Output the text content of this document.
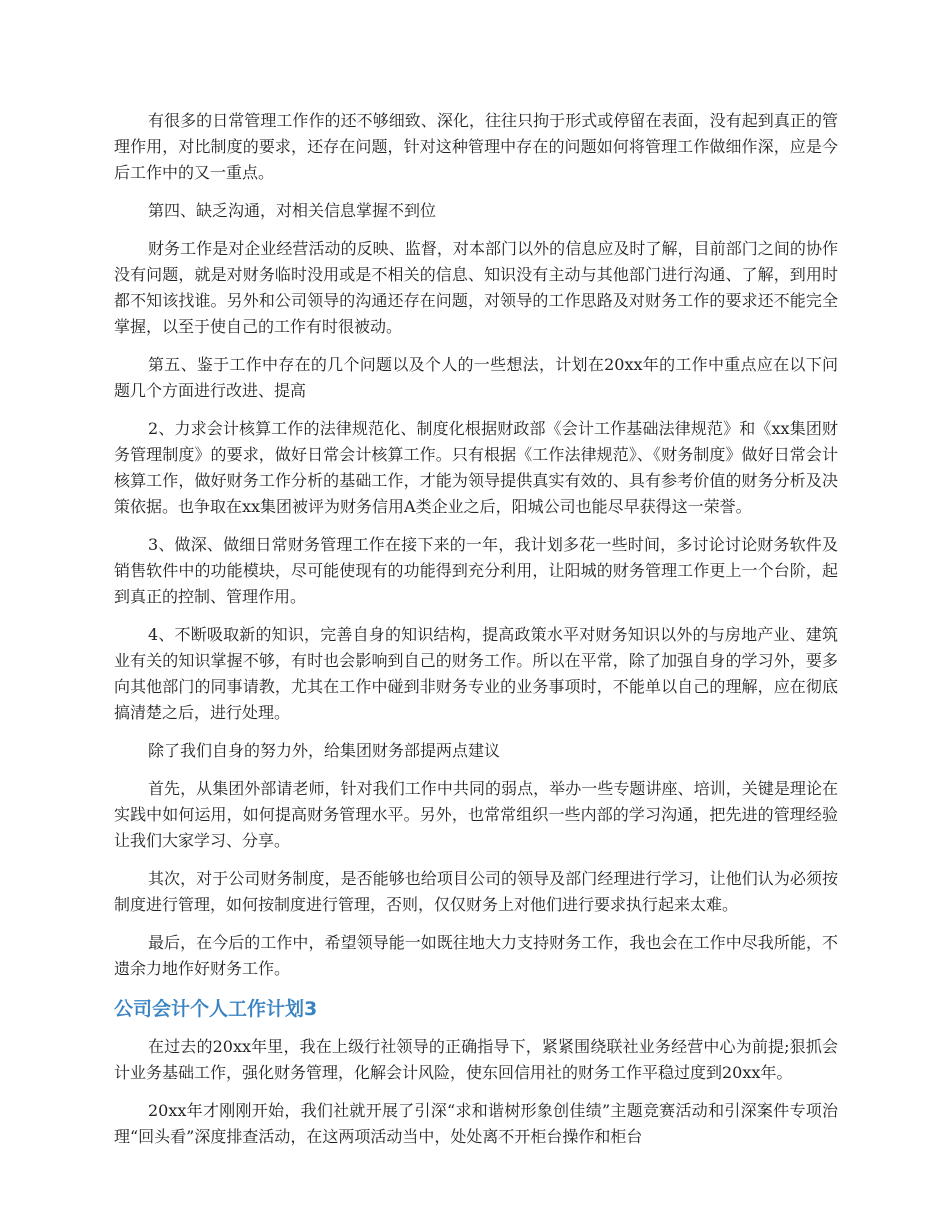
有很多的日常管理工作作的还不够细致、深化，往往只拘于形式或停留在表面，没有起到真正的管理作用，对比制度的要求，还存在问题，针对这种管理中存在的问题如何将管理工作做细作深，应是今后工作中的又一重点。

第四、缺乏沟通，对相关信息掌握不到位

财务工作是对企业经营活动的反映、监督，对本部门以外的信息应及时了解，目前部门之间的协作没有问题，就是对财务临时没用或是不相关的信息、知识没有主动与其他部门进行沟通、了解，到用时都不知该找谁。另外和公司领导的沟通还存在问题，对领导的工作思路及对财务工作的要求还不能完全掌握，以至于使自己的工作有时很被动。

第五、鉴于工作中存在的几个问题以及个人的一些想法，计划在20xx年的工作中重点应在以下问题几个方面进行改进、提高

2、力求会计核算工作的法律规范化、制度化根据财政部《会计工作基础法律规范》和《xx集团财务管理制度》的要求，做好日常会计核算工作。只有根据《工作法律规范》、《财务制度》做好日常会计核算工作，做好财务工作分析的基础工作，才能为领导提供真实有效的、具有参考价值的财务分析及决策依据。也争取在xx集团被评为财务信用A类企业之后，阳城公司也能尽早获得这一荣誉。

3、做深、做细日常财务管理工作在接下来的一年，我计划多花一些时间，多讨论讨论财务软件及销售软件中的功能模块，尽可能使现有的功能得到充分利用，让阳城的财务管理工作更上一个台阶，起到真正的控制、管理作用。

4、不断吸取新的知识，完善自身的知识结构，提高政策水平对财务知识以外的与房地产业、建筑业有关的知识掌握不够，有时也会影响到自己的财务工作。所以在平常，除了加强自身的学习外，要多向其他部门的同事请教，尤其在工作中碰到非财务专业的业务事项时，不能单以自己的理解，应在彻底搞清楚之后，进行处理。

除了我们自身的努力外，给集团财务部提两点建议

首先，从集团外部请老师，针对我们工作中共同的弱点，举办一些专题讲座、培训，关键是理论在实践中如何运用，如何提高财务管理水平。另外，也常常组织一些内部的学习沟通，把先进的管理经验让我们大家学习、分享。

其次，对于公司财务制度，是否能够也给项目公司的领导及部门经理进行学习，让他们认为必须按制度进行管理，如何按制度进行管理，否则，仅仅财务上对他们进行要求执行起来太难。

最后，在今后的工作中，希望领导能一如既往地大力支持财务工作，我也会在工作中尽我所能，不遗余力地作好财务工作。

公司会计个人工作计划3

在过去的20xx年里，我在上级行社领导的正确指导下，紧紧围绕联社业务经营中心为前提;狠抓会计业务基础工作，强化财务管理，化解会计风险，使东回信用社的财务工作平稳过度到20xx年。

20xx年才刚刚开始，我们社就开展了引深“求和谐树形象创佳绩”主题竞赛活动和引深案件专项治理“回头看”深度排查活动，在这两项活动当中，处处离不开柜台操作和柜台
